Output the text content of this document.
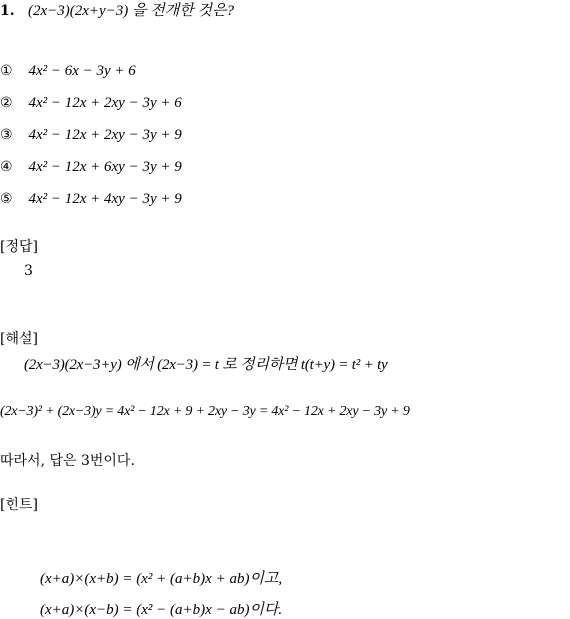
1. (2x−3)(2x+y−3) 을 전개한 것은?
① 4x² − 6x − 3y + 6
② 4x² − 12x + 2xy − 3y + 6
③ 4x² − 12x + 2xy − 3y + 9
④ 4x² − 12x + 6xy − 3y + 9
⑤ 4x² − 12x + 4xy − 3y + 9
[정답]
3
[해설]
(2x−3)(2x−3+y) 에서 (2x−3) = t 로 정리하면 t(t+y) = t² + ty
(2x−3)² + (2x−3)y = 4x² − 12x + 9 + 2xy − 3y = 4x² − 12x + 2xy − 3y + 9
따라서, 답은 3번이다.
[힌트]
(x+a)×(x+b) = (x² + (a+b)x + ab)이고,
(x+a)×(x−b) = (x² − (a+b)x − ab)이다.
